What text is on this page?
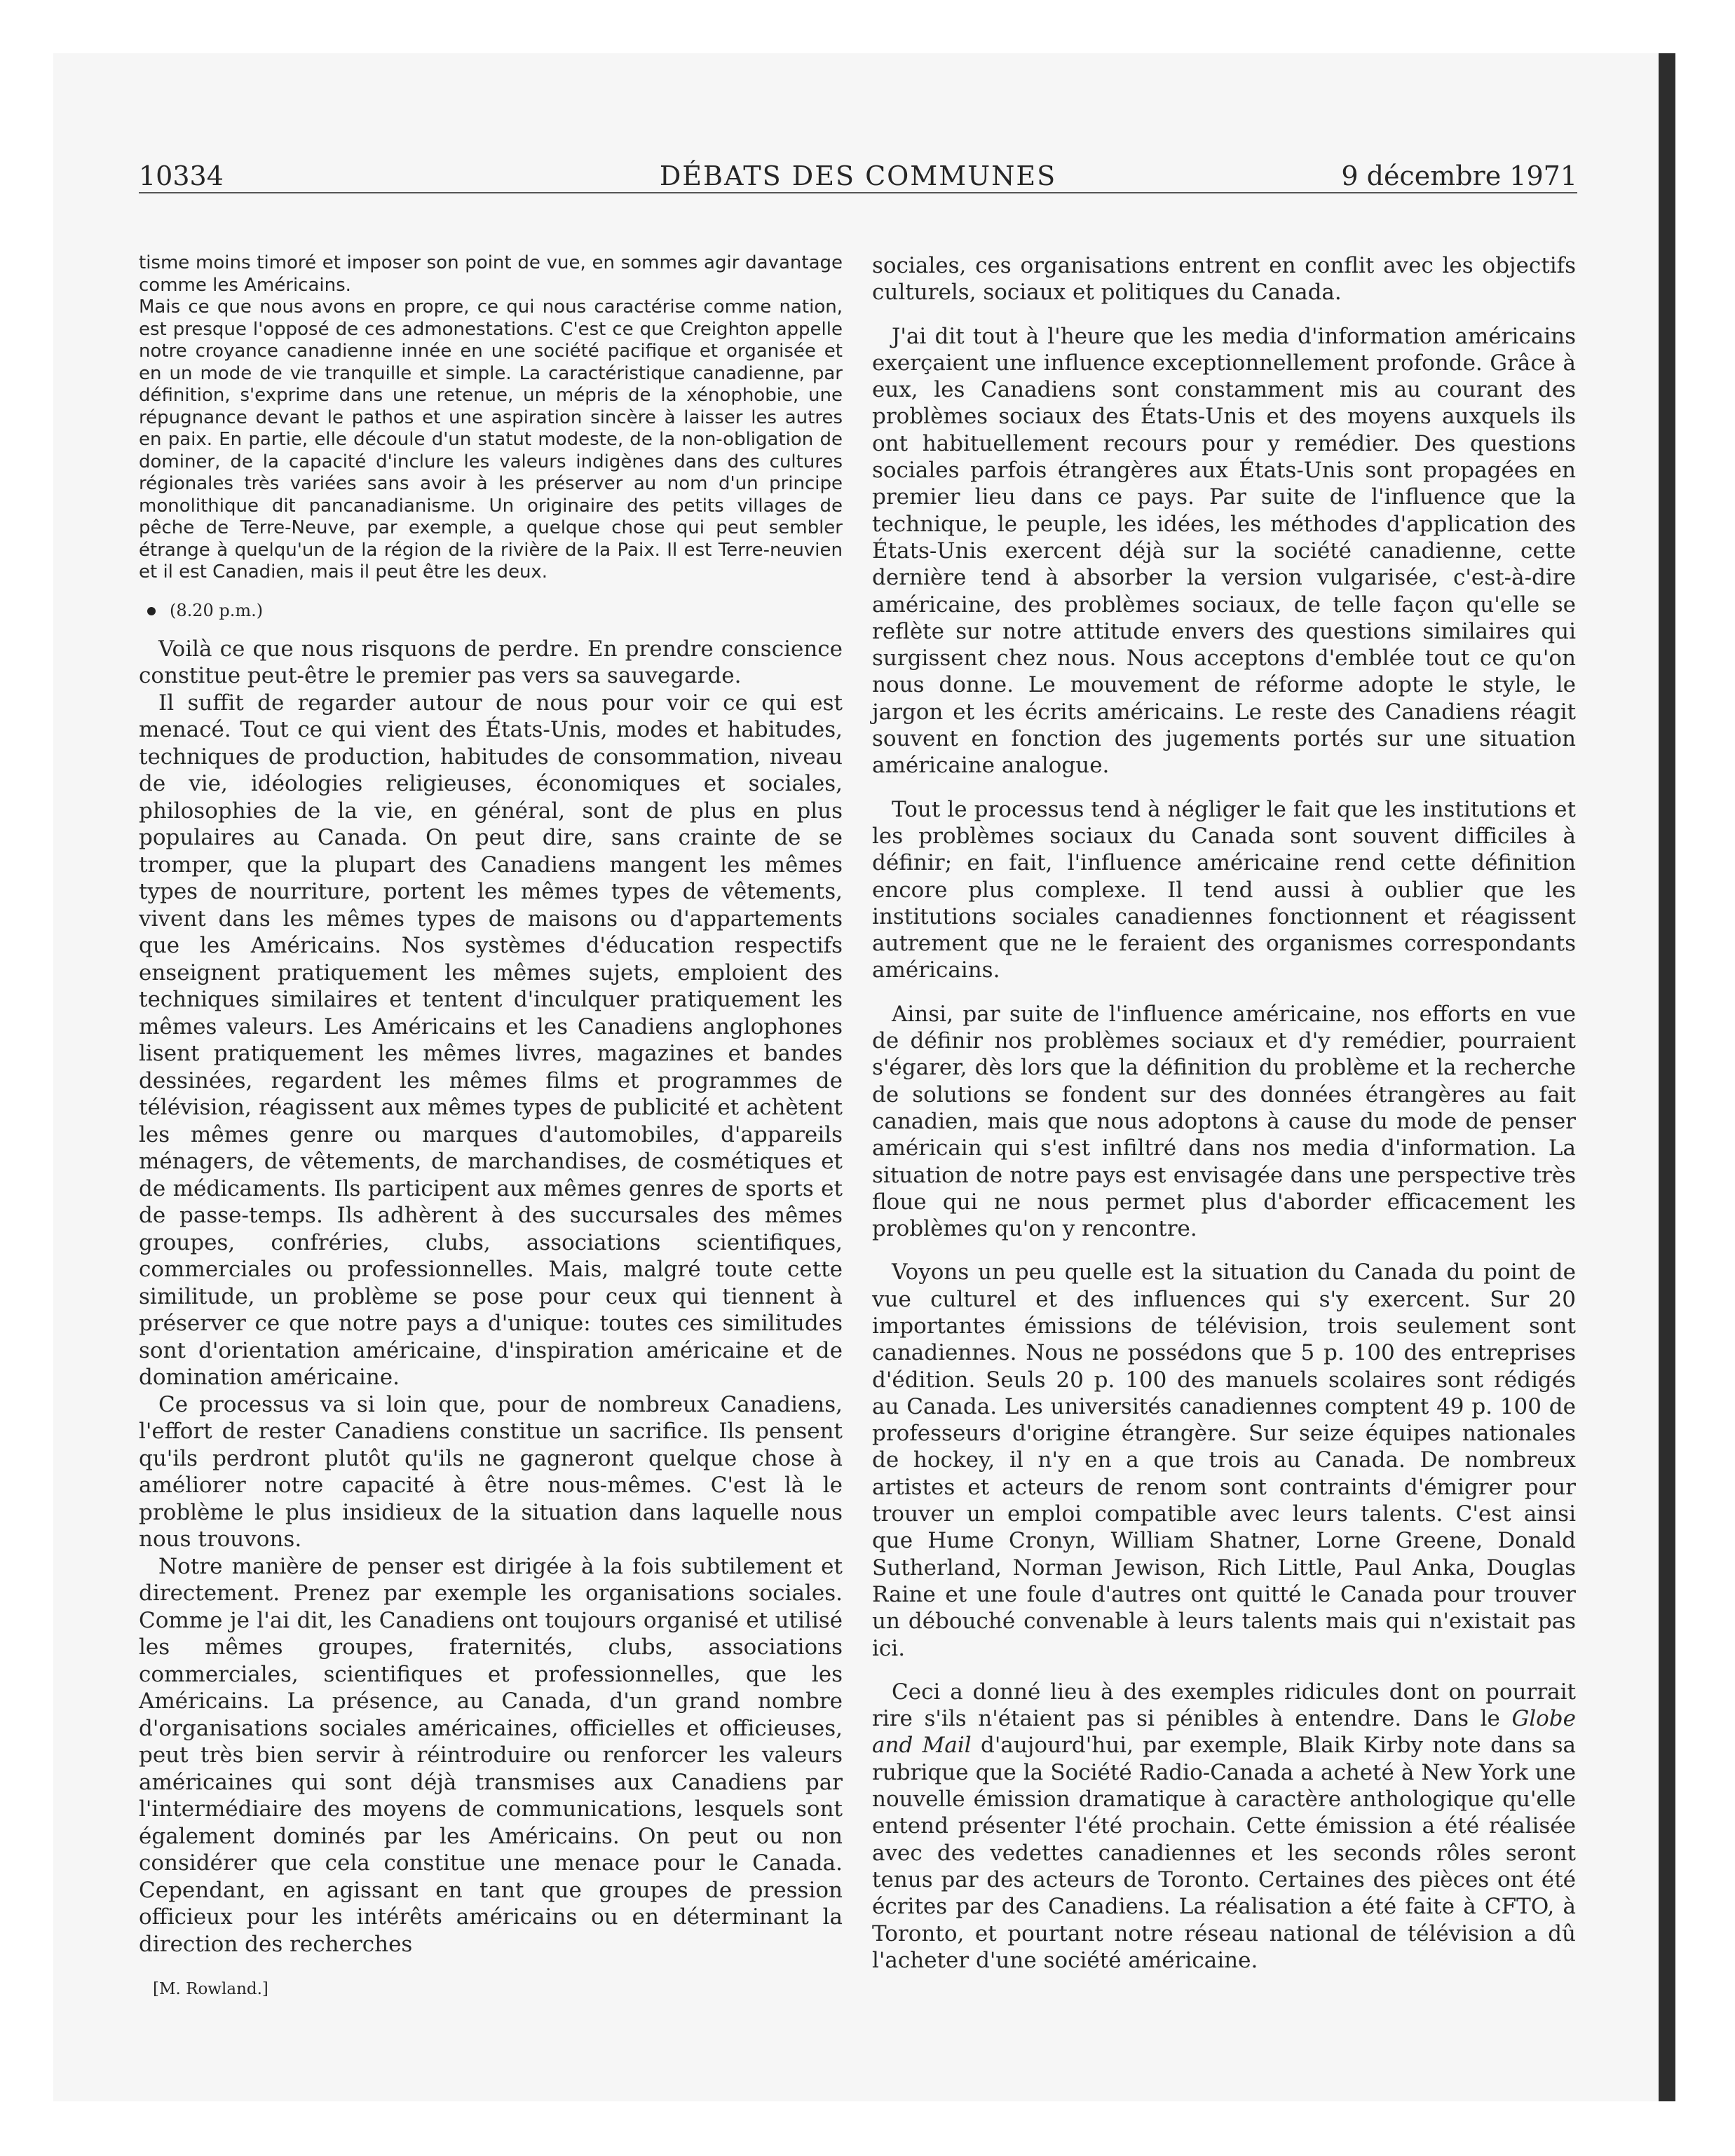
10334	DÉBATS DES COMMUNES	9 décembre 1971

tisme moins timoré et imposer son point de vue, en sommes agir davantage comme les Américains.

Mais ce que nous avons en propre, ce qui nous caractérise comme nation, est presque l'opposé de ces admonestations. C'est ce que Creighton appelle notre croyance canadienne innée en une société pacifique et organisée et en un mode de vie tranquille et simple. La caractéristique canadienne, par définition, s'exprime dans une retenue, un mépris de la xénophobie, une répugnance devant le pathos et une aspiration sincère à laisser les autres en paix. En partie, elle découle d'un statut modeste, de la non-obligation de dominer, de la capacité d'inclure les valeurs indigènes dans des cultures régionales très variées sans avoir à les préserver au nom d'un principe monolithique dit pancanadianisme. Un originaire des petits villages de pêche de Terre-Neuve, par exemple, a quelque chose qui peut sembler étrange à quelqu'un de la région de la rivière de la Paix. Il est Terre-neuvien et il est Canadien, mais il peut être les deux.

(8.20 p.m.)

Voilà ce que nous risquons de perdre. En prendre conscience constitue peut-être le premier pas vers sa sauvegarde.

Il suffit de regarder autour de nous pour voir ce qui est menacé. Tout ce qui vient des États-Unis, modes et habitudes, techniques de production, habitudes de consommation, niveau de vie, idéologies religieuses, économiques et sociales, philosophies de la vie, en général, sont de plus en plus populaires au Canada. On peut dire, sans crainte de se tromper, que la plupart des Canadiens mangent les mêmes types de nourriture, portent les mêmes types de vêtements, vivent dans les mêmes types de maisons ou d'appartements que les Américains. Nos systèmes d'éducation respectifs enseignent pratiquement les mêmes sujets, emploient des techniques similaires et tentent d'inculquer pratiquement les mêmes valeurs. Les Américains et les Canadiens anglophones lisent pratiquement les mêmes livres, magazines et bandes dessinées, regardent les mêmes films et programmes de télévision, réagissent aux mêmes types de publicité et achètent les mêmes genre ou marques d'automobiles, d'appareils ménagers, de vêtements, de marchandises, de cosmétiques et de médicaments. Ils participent aux mêmes genres de sports et de passe-temps. Ils adhèrent à des succursales des mêmes groupes, confréries, clubs, associations scientifiques, commerciales ou professionnelles. Mais, malgré toute cette similitude, un problème se pose pour ceux qui tiennent à préserver ce que notre pays a d'unique: toutes ces similitudes sont d'orientation américaine, d'inspiration américaine et de domination américaine.

Ce processus va si loin que, pour de nombreux Canadiens, l'effort de rester Canadiens constitue un sacrifice. Ils pensent qu'ils perdront plutôt qu'ils ne gagneront quelque chose à améliorer notre capacité à être nous-mêmes. C'est là le problème le plus insidieux de la situation dans laquelle nous nous trouvons.

Notre manière de penser est dirigée à la fois subtilement et directement. Prenez par exemple les organisations sociales. Comme je l'ai dit, les Canadiens ont toujours organisé et utilisé les mêmes groupes, fraternités, clubs, associations commerciales, scientifiques et professionnelles, que les Américains. La présence, au Canada, d'un grand nombre d'organisations sociales américaines, officielles et officieuses, peut très bien servir à réintroduire ou renforcer les valeurs américaines qui sont déjà transmises aux Canadiens par l'intermédiaire des moyens de communications, lesquels sont également dominés par les Américains. On peut ou non considérer que cela constitue une menace pour le Canada. Cependant, en agissant en tant que groupes de pression officieux pour les intérêts américains ou en déterminant la direction des recherches

[M. Rowland.]

sociales, ces organisations entrent en conflit avec les objectifs culturels, sociaux et politiques du Canada.

J'ai dit tout à l'heure que les media d'information américains exerçaient une influence exceptionnellement profonde. Grâce à eux, les Canadiens sont constamment mis au courant des problèmes sociaux des États-Unis et des moyens auxquels ils ont habituellement recours pour y remédier. Des questions sociales parfois étrangères aux États-Unis sont propagées en premier lieu dans ce pays. Par suite de l'influence que la technique, le peuple, les idées, les méthodes d'application des États-Unis exercent déjà sur la société canadienne, cette dernière tend à absorber la version vulgarisée, c'est-à-dire américaine, des problèmes sociaux, de telle façon qu'elle se reflète sur notre attitude envers des questions similaires qui surgissent chez nous. Nous acceptons d'emblée tout ce qu'on nous donne. Le mouvement de réforme adopte le style, le jargon et les écrits américains. Le reste des Canadiens réagit souvent en fonction des jugements portés sur une situation américaine analogue.

Tout le processus tend à négliger le fait que les institutions et les problèmes sociaux du Canada sont souvent difficiles à définir; en fait, l'influence américaine rend cette définition encore plus complexe. Il tend aussi à oublier que les institutions sociales canadiennes fonctionnent et réagissent autrement que ne le feraient des organismes correspondants américains.

Ainsi, par suite de l'influence américaine, nos efforts en vue de définir nos problèmes sociaux et d'y remédier, pourraient s'égarer, dès lors que la définition du problème et la recherche de solutions se fondent sur des données étrangères au fait canadien, mais que nous adoptons à cause du mode de penser américain qui s'est infiltré dans nos media d'information. La situation de notre pays est envisagée dans une perspective très floue qui ne nous permet plus d'aborder efficacement les problèmes qu'on y rencontre.

Voyons un peu quelle est la situation du Canada du point de vue culturel et des influences qui s'y exercent. Sur 20 importantes émissions de télévision, trois seulement sont canadiennes. Nous ne possédons que 5 p. 100 des entreprises d'édition. Seuls 20 p. 100 des manuels scolaires sont rédigés au Canada. Les universités canadiennes comptent 49 p. 100 de professeurs d'origine étrangère. Sur seize équipes nationales de hockey, il n'y en a que trois au Canada. De nombreux artistes et acteurs de renom sont contraints d'émigrer pour trouver un emploi compatible avec leurs talents. C'est ainsi que Hume Cronyn, William Shatner, Lorne Greene, Donald Sutherland, Norman Jewison, Rich Little, Paul Anka, Douglas Raine et une foule d'autres ont quitté le Canada pour trouver un débouché convenable à leurs talents mais qui n'existait pas ici.

Ceci a donné lieu à des exemples ridicules dont on pourrait rire s'ils n'étaient pas si pénibles à entendre. Dans le Globe and Mail d'aujourd'hui, par exemple, Blaik Kirby note dans sa rubrique que la Société Radio-Canada a acheté à New York une nouvelle émission dramatique à caractère anthologique qu'elle entend présenter l'été prochain. Cette émission a été réalisée avec des vedettes canadiennes et les seconds rôles seront tenus par des acteurs de Toronto. Certaines des pièces ont été écrites par des Canadiens. La réalisation a été faite à CFTO, à Toronto, et pourtant notre réseau national de télévision a dû l'acheter d'une société américaine.
